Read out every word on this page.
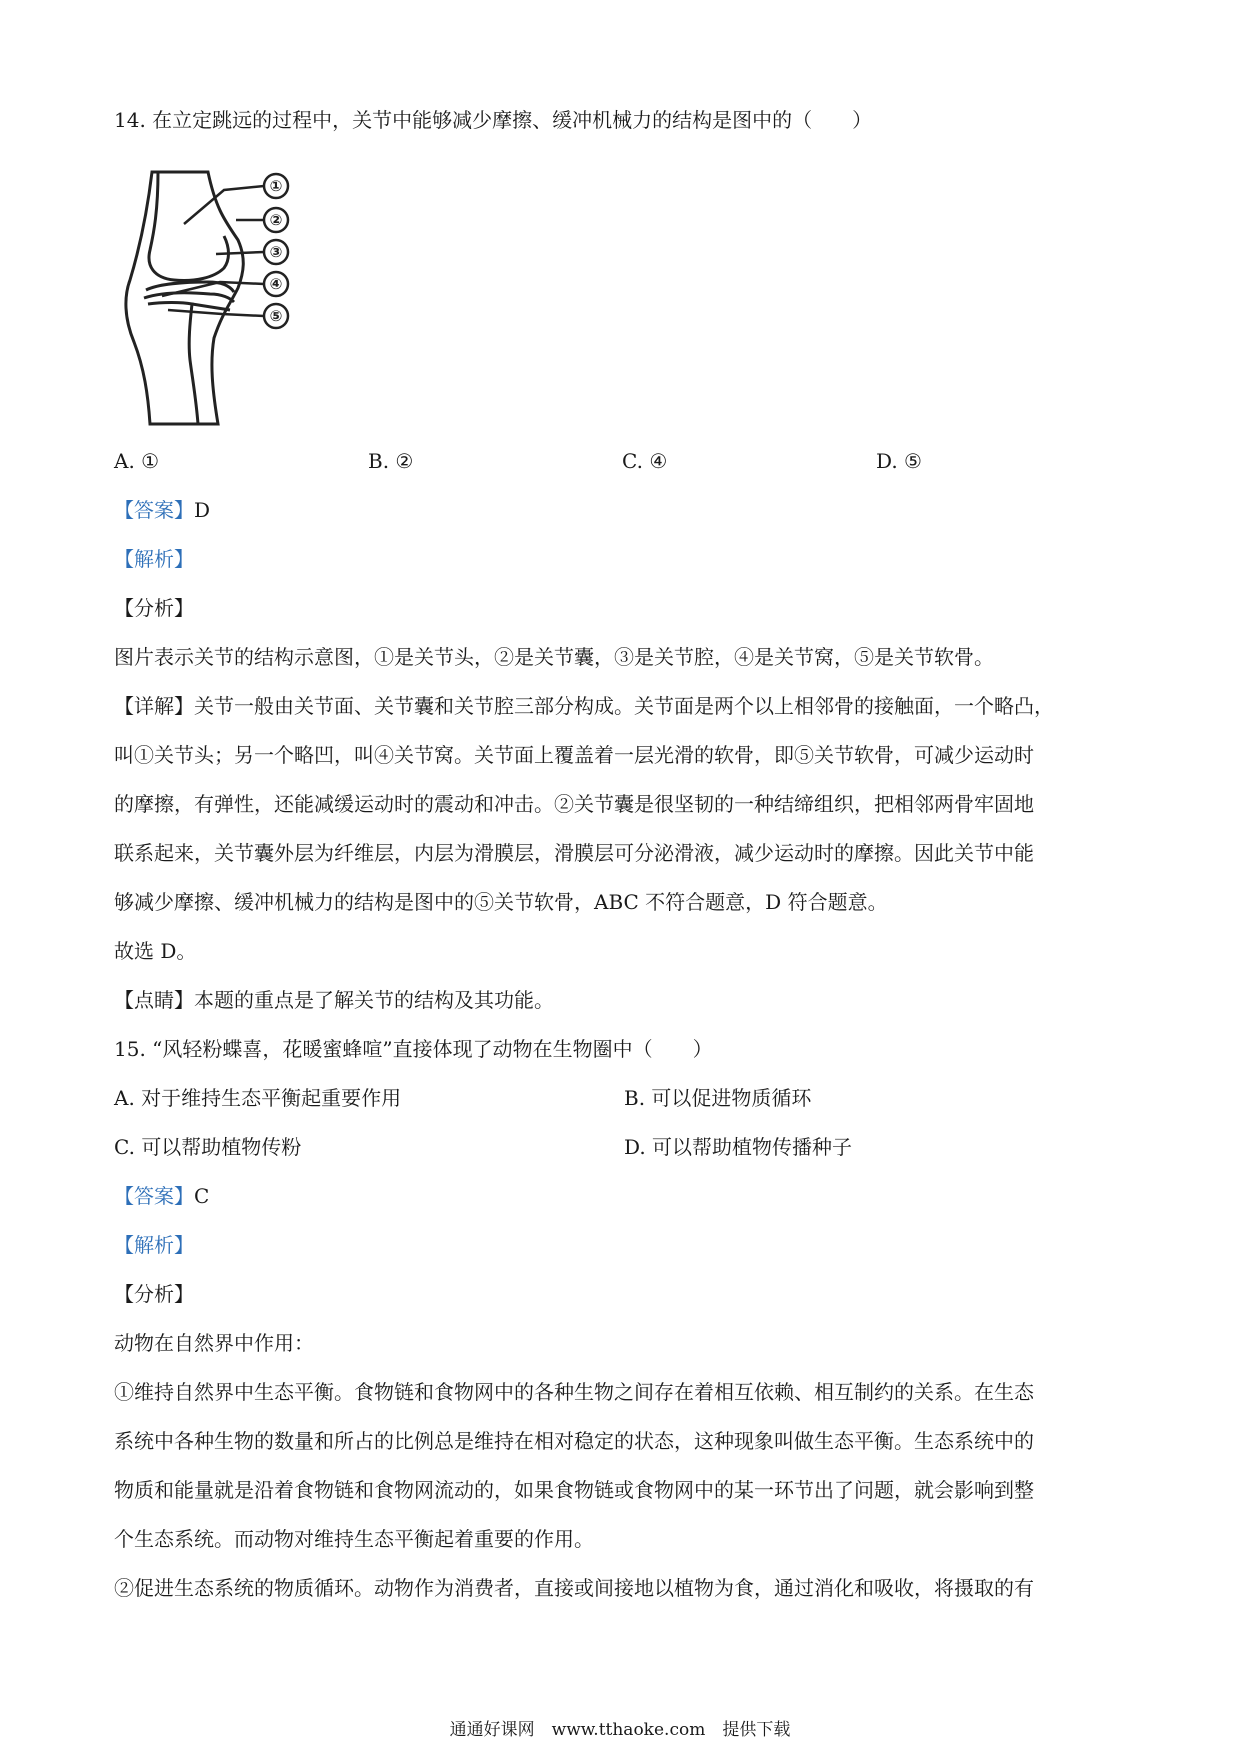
14. 在立定跳远的过程中，关节中能够减少摩擦、缓冲机械力的结构是图中的（　　）
①
②
③
④
⑤
A. ①	B. ②	C. ④	D. ⑤
【答案】D
【解析】
【分析】
图片表示关节的结构示意图，①是关节头，②是关节囊，③是关节腔，④是关节窝，⑤是关节软骨。
【详解】关节一般由关节面、关节囊和关节腔三部分构成。关节面是两个以上相邻骨的接触面，一个略凸，
叫①关节头；另一个略凹，叫④关节窝。关节面上覆盖着一层光滑的软骨，即⑤关节软骨，可减少运动时
的摩擦，有弹性，还能减缓运动时的震动和冲击。②关节囊是很坚韧的一种结缔组织，把相邻两骨牢固地
联系起来，关节囊外层为纤维层，内层为滑膜层，滑膜层可分泌滑液，减少运动时的摩擦。因此关节中能
够减少摩擦、缓冲机械力的结构是图中的⑤关节软骨，ABC 不符合题意，D 符合题意。
故选 D。
【点睛】本题的重点是了解关节的结构及其功能。
15. “风轻粉蝶喜，花暖蜜蜂喧”直接体现了动物在生物圈中（　　）
A. 对于维持生态平衡起重要作用	B. 可以促进物质循环
C. 可以帮助植物传粉	D. 可以帮助植物传播种子
【答案】C
【解析】
【分析】
动物在自然界中作用：
①维持自然界中生态平衡。食物链和食物网中的各种生物之间存在着相互依赖、相互制约的关系。在生态
系统中各种生物的数量和所占的比例总是维持在相对稳定的状态，这种现象叫做生态平衡。生态系统中的
物质和能量就是沿着食物链和食物网流动的，如果食物链或食物网中的某一环节出了问题，就会影响到整
个生态系统。而动物对维持生态平衡起着重要的作用。
②促进生态系统的物质循环。动物作为消费者，直接或间接地以植物为食，通过消化和吸收，将摄取的有
通通好课网　www.tthaoke.com　提供下载
